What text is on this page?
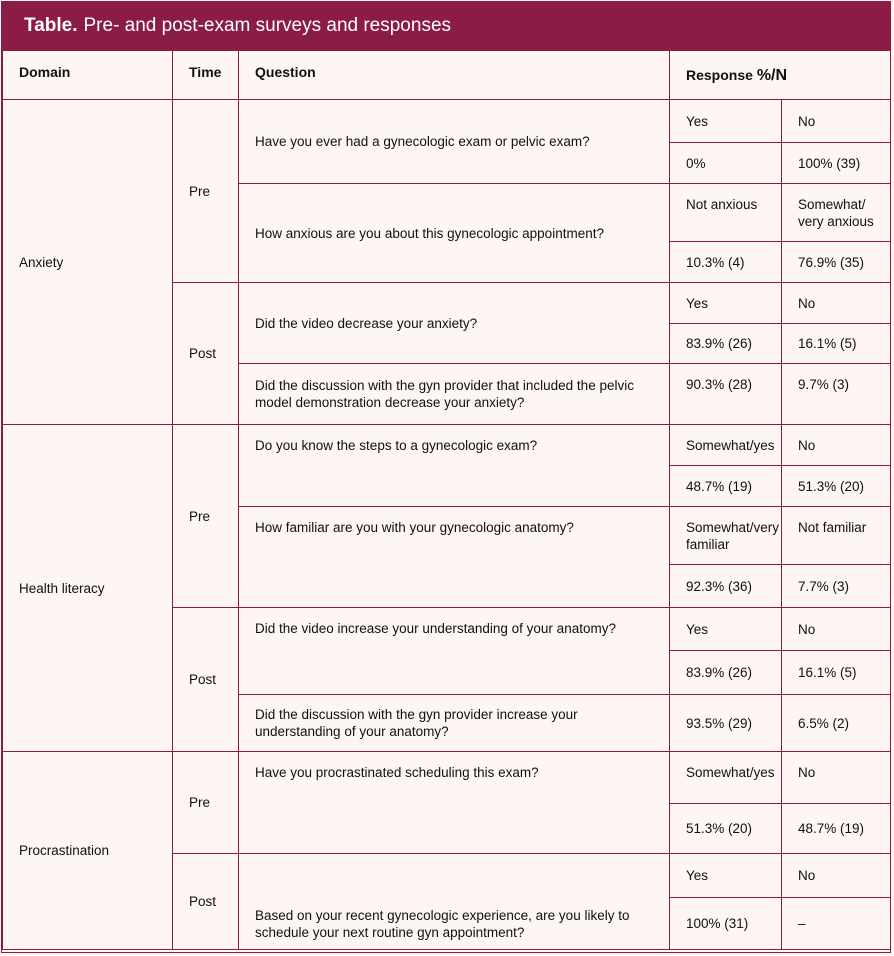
Table. Pre- and post-exam surveys and responses
Domain	Time	Question	Response %/N	
Anxiety	Pre	Have you ever had a gynecologic exam or pelvic exam?	Yes	No
			0%	100% (39)
		How anxious are you about this gynecologic appointment?	Not anxious	Somewhat/ very anxious
			10.3% (4)	76.9% (35)
	Post	Did the video decrease your anxiety?	Yes	No
			83.9% (26)	16.1% (5)
		Did the discussion with the gyn provider that included the pelvic model demonstration decrease your anxiety?	90.3% (28)	9.7% (3)
Health literacy	Pre	Do you know the steps to a gynecologic exam?	Somewhat/yes	No
			48.7% (19)	51.3% (20)
		How familiar are you with your gynecologic anatomy?	Somewhat/very familiar	Not familiar
			92.3% (36)	7.7% (3)
	Post	Did the video increase your understanding of your anatomy?	Yes	No
			83.9% (26)	16.1% (5)
		Did the discussion with the gyn provider increase your understanding of your anatomy?	93.5% (29)	6.5% (2)
Procrastination	Pre	Have you procrastinated scheduling this exam?	Somewhat/yes	No
			51.3% (20)	48.7% (19)
	Post	Based on your recent gynecologic experience, are you likely to schedule your next routine gyn appointment?	Yes	No
			100% (31)	–
